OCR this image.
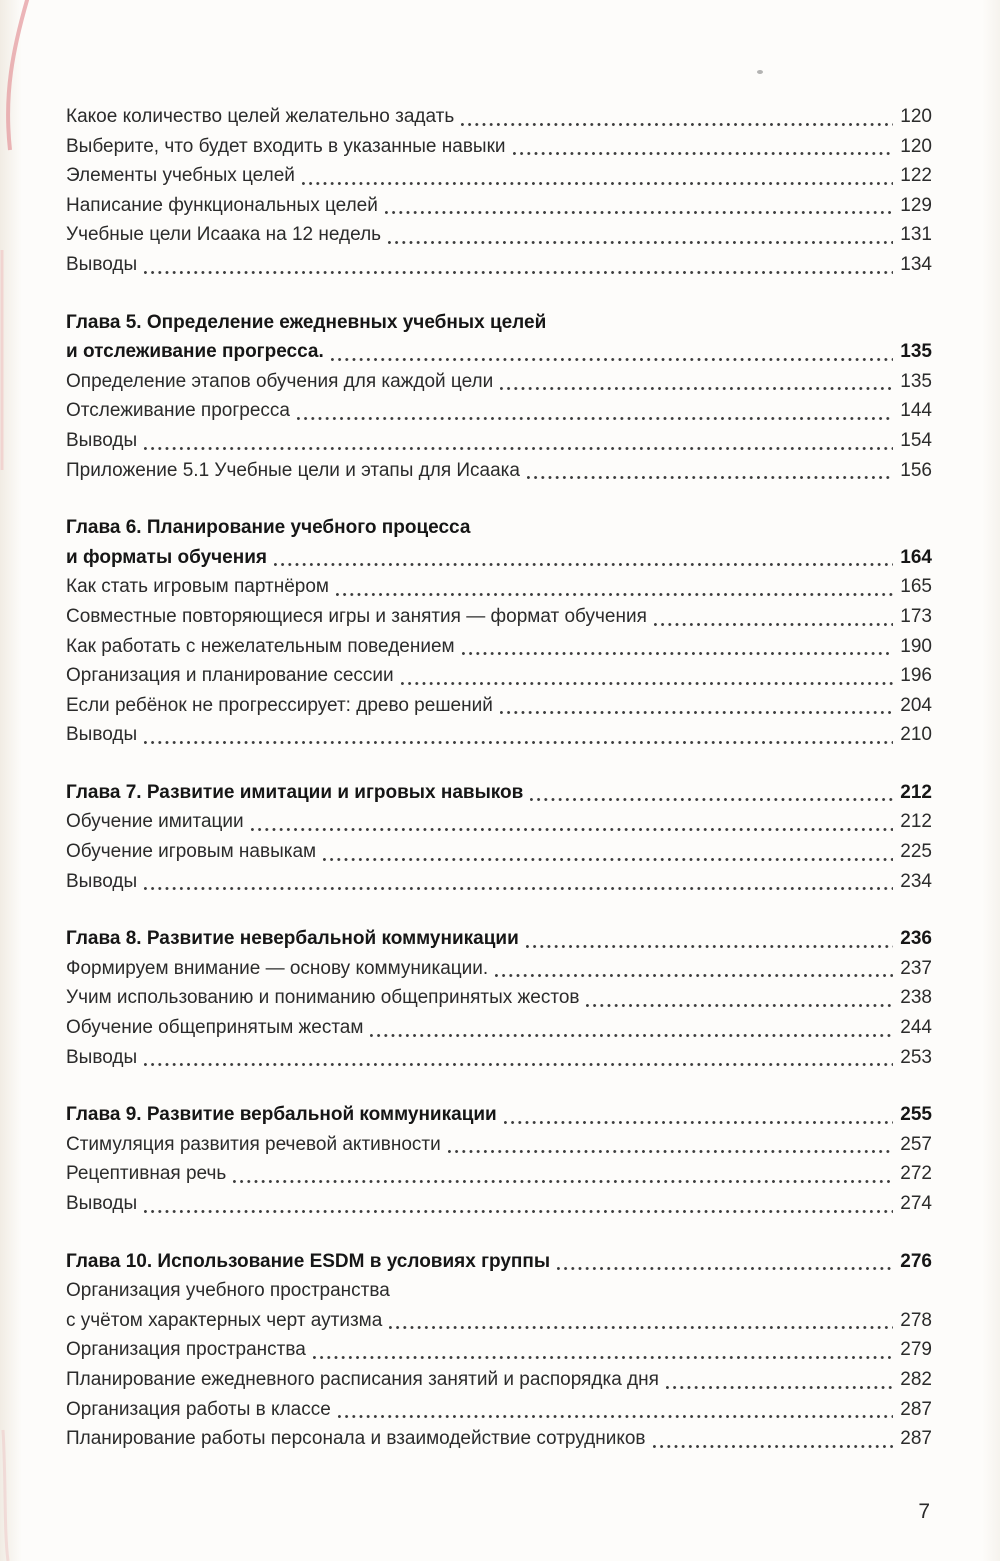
Какое количество целей желательно задать	120
Выберите, что будет входить в указанные навыки	120
Элементы учебных целей	122
Написание функциональных целей	129
Учебные цели Исаака на 12 недель	131
Выводы	134
Глава 5. Определение ежедневных учебных целей
и отслеживание прогресса.	135
Определение этапов обучения для каждой цели	135
Отслеживание прогресса	144
Выводы	154
Приложение 5.1 Учебные цели и этапы для Исаака	156
Глава 6. Планирование учебного процесса
и форматы обучения	164
Как стать игровым партнёром	165
Совместные повторяющиеся игры и занятия — формат обучения	173
Как работать с нежелательным поведением	190
Организация и планирование сессии	196
Если ребёнок не прогрессирует: древо решений	204
Выводы	210
Глава 7. Развитие имитации и игровых навыков	212
Обучение имитации	212
Обучение игровым навыкам	225
Выводы	234
Глава 8. Развитие невербальной коммуникации	236
Формируем внимание — основу коммуникации.	237
Учим использованию и пониманию общепринятых жестов	238
Обучение общепринятым жестам	244
Выводы	253
Глава 9. Развитие вербальной коммуникации	255
Стимуляция развития речевой активности	257
Рецептивная речь	272
Выводы	274
Глава 10. Использование ESDM в условиях группы	276
Организация учебного пространства
с учётом характерных черт аутизма	278
Организация пространства	279
Планирование ежедневного расписания занятий и распорядка дня	282
Организация работы в классе	287
Планирование работы персонала и взаимодействие сотрудников	287
7
